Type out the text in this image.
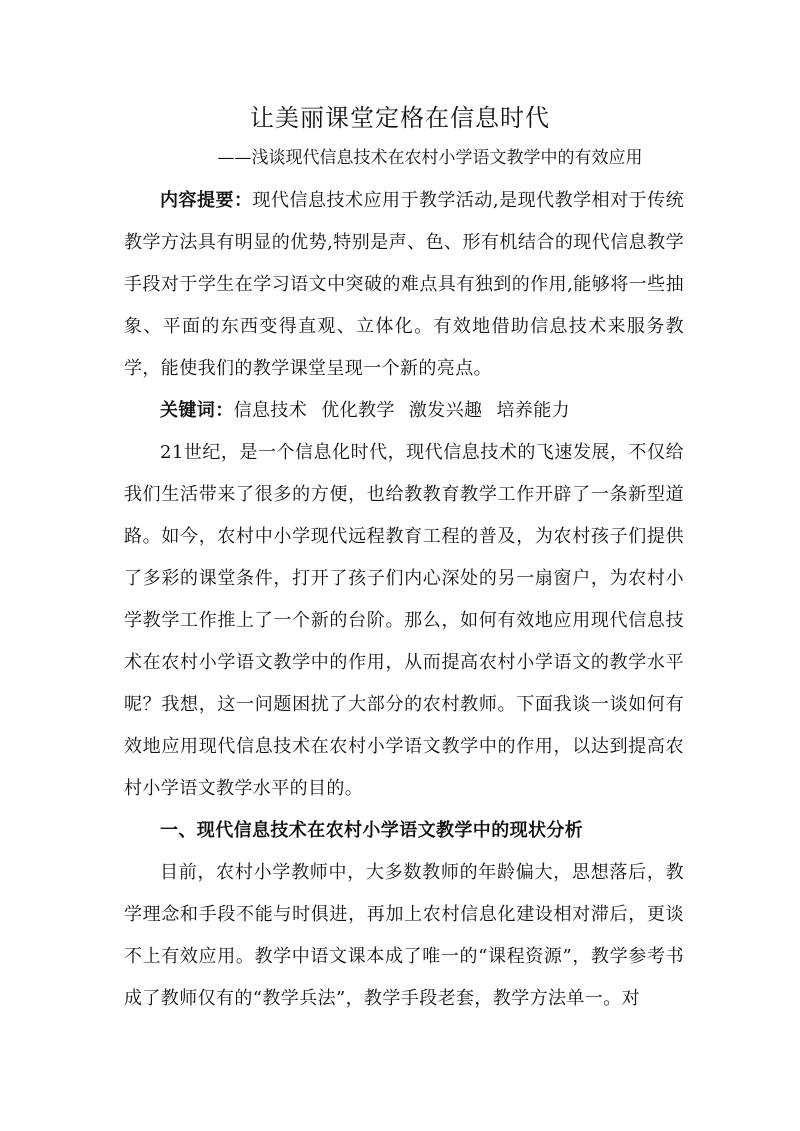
让美丽课堂定格在信息时代

——浅谈现代信息技术在农村小学语文教学中的有效应用

内容提要：现代信息技术应用于教学活动,是现代教学相对于传统教学方法具有明显的优势,特别是声、色、形有机结合的现代信息教学手段对于学生在学习语文中突破的难点具有独到的作用,能够将一些抽象、平面的东西变得直观、立体化。有效地借助信息技术来服务教学，能使我们的教学课堂呈现一个新的亮点。

关键词：信息技术 优化教学 激发兴趣 培养能力

21世纪，是一个信息化时代，现代信息技术的飞速发展，不仅给我们生活带来了很多的方便，也给教教育教学工作开辟了一条新型道路。如今，农村中小学现代远程教育工程的普及，为农村孩子们提供了多彩的课堂条件，打开了孩子们内心深处的另一扇窗户，为农村小学教学工作推上了一个新的台阶。那么，如何有效地应用现代信息技术在农村小学语文教学中的作用，从而提高农村小学语文的教学水平呢？我想，这一问题困扰了大部分的农村教师。下面我谈一谈如何有效地应用现代信息技术在农村小学语文教学中的作用，以达到提高农村小学语文教学水平的目的。

一、现代信息技术在农村小学语文教学中的现状分析

目前，农村小学教师中，大多数教师的年龄偏大，思想落后，教学理念和手段不能与时俱进，再加上农村信息化建设相对滞后，更谈不上有效应用。教学中语文课本成了唯一的“课程资源”，教学参考书成了教师仅有的“教学兵法”，教学手段老套，教学方法单一。对
